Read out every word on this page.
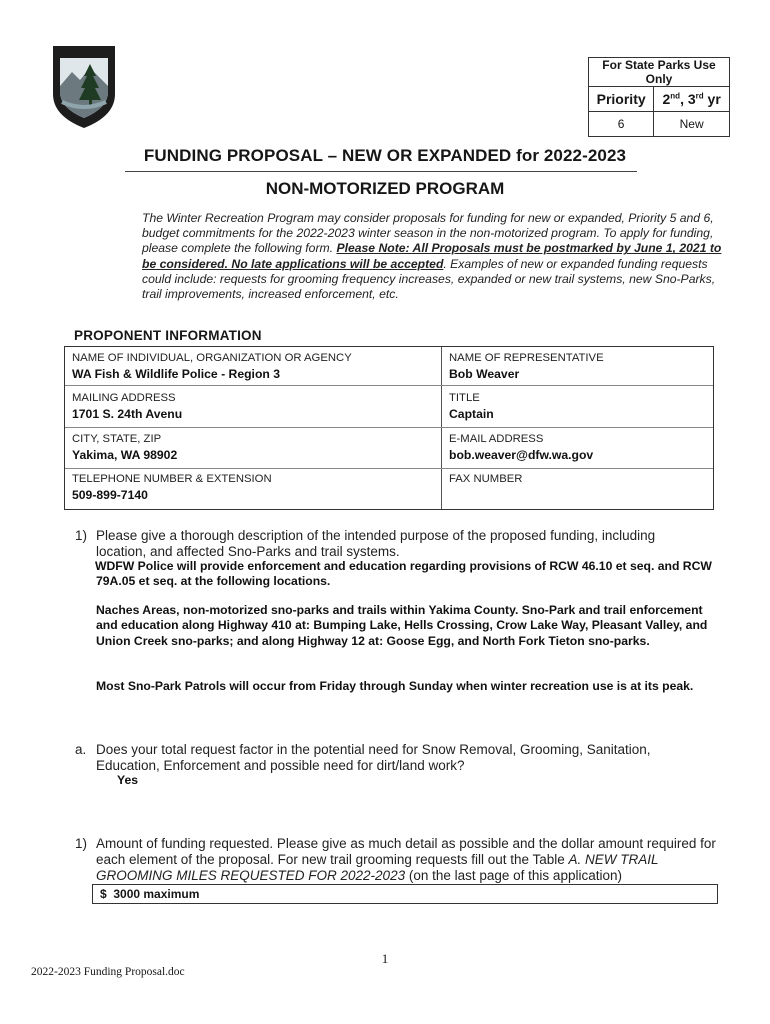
For State Parks Use Only	
Priority	2nd, 3rd yr
6	New
FUNDING PROPOSAL – NEW OR EXPANDED for 2022-2023
NON-MOTORIZED PROGRAM
The Winter Recreation Program may consider proposals for funding for new or expanded, Priority 5 and 6, budget commitments for the 2022-2023 winter season in the non-motorized program. To apply for funding, please complete the following form. Please Note: All Proposals must be postmarked by June 1, 2021 to be considered. No late applications will be accepted. Examples of new or expanded funding requests could include: requests for grooming frequency increases, expanded or new trail systems, new Sno-Parks, trail improvements, increased enforcement, etc.
PROPONENT INFORMATION
NAME OF INDIVIDUAL, ORGANIZATION OR AGENCY
WA Fish & Wildlife Police - Region 3
NAME OF REPRESENTATIVE
Bob Weaver
MAILING ADDRESS
1701 S. 24th Avenu
TITLE
Captain
CITY, STATE, ZIP
Yakima, WA 98902
E-MAIL ADDRESS
bob.weaver@dfw.wa.gov
TELEPHONE NUMBER & EXTENSION
509-899-7140
FAX NUMBER
1) Please give a thorough description of the intended purpose of the proposed funding, including location, and affected Sno-Parks and trail systems.
WDFW Police will provide enforcement and education regarding provisions of RCW 46.10 et seq. and RCW 79A.05 et seq. at the following locations.
Naches Areas, non-motorized sno-parks and trails within Yakima County. Sno-Park and trail enforcement and education along Highway 410 at: Bumping Lake, Hells Crossing, Crow Lake Way, Pleasant Valley, and Union Creek sno-parks; and along Highway 12 at: Goose Egg, and North Fork Tieton sno-parks.
Most Sno-Park Patrols will occur from Friday through Sunday when winter recreation use is at its peak.
a. Does your total request factor in the potential need for Snow Removal, Grooming, Sanitation, Education, Enforcement and possible need for dirt/land work?
Yes
1) Amount of funding requested. Please give as much detail as possible and the dollar amount required for each element of the proposal. For new trail grooming requests fill out the Table A. NEW TRAIL GROOMING MILES REQUESTED FOR 2022-2023 (on the last page of this application)
$ 3000 maximum
1
2022-2023 Funding Proposal.doc
